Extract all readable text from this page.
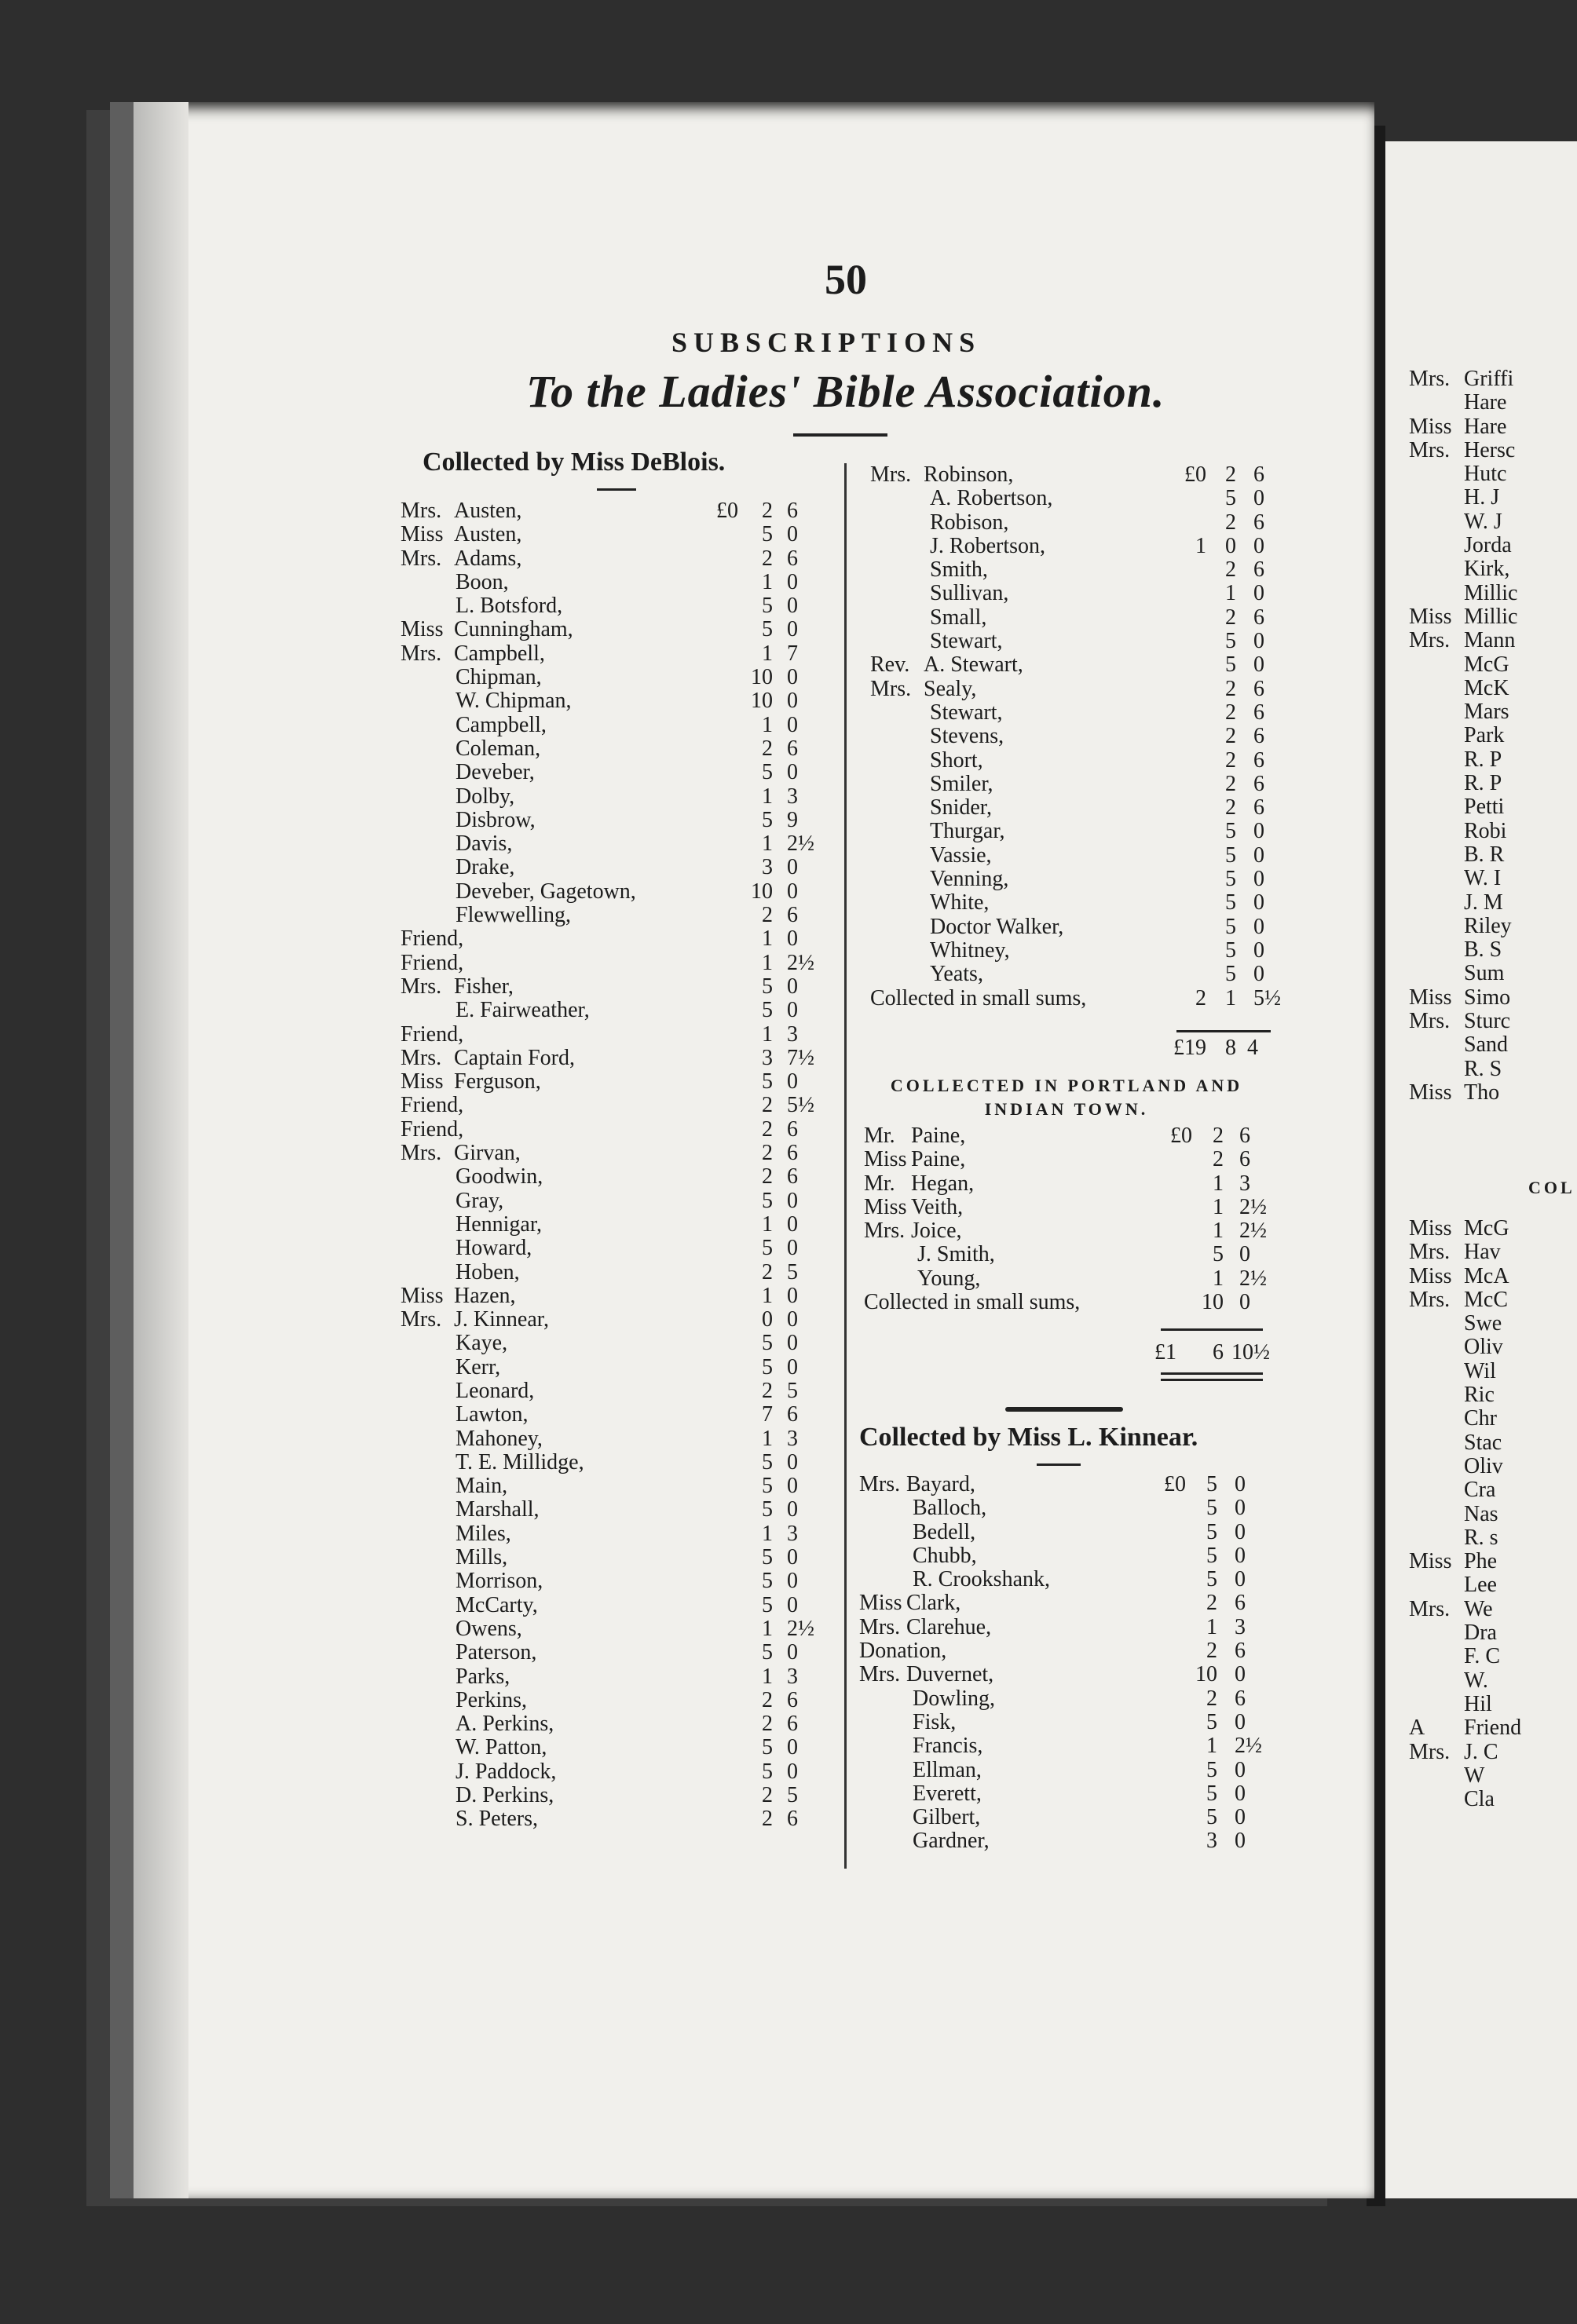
Mrs. Griffi
Hare
Miss Hare
Mrs. Hersc
Hutc
H. J
W. J
Jorda
Kirk,
Millic
Miss Millic
Mrs. Mann
McG
McK
Mars
Park
R. P
R. P
Petti
Robi
B. R
W. I
J. M
Riley
B. S
Sum
Miss Simo
Mrs. Sturc
Sand
R. S
Miss Tho
COL
Miss McG
Mrs. Hav
Miss McA
Mrs. McC
Swe
Oliv
Wil
Ric
Chr
Stac
Oliv
Cra
Nas
R. s
Miss Phe
Lee
Mrs. We
Dra
F. C
W.
Hil
A Friend
Mrs. J. C
W
Cla
50
SUBSCRIPTIONS
To the Ladies' Bible Association.
Collected by Miss DeBlois.
Mrs. Austen,	£0	2 6
Miss Austen,	5 0
Mrs. Adams,	2 6
Boon,	1 0
L. Botsford,	5 0
Miss Cunningham,	5 0
Mrs. Campbell,	1 7
Chipman,	10 0
W. Chipman,	10 0
Campbell,	1 0
Coleman,	2 6
Deveber,	5 0
Dolby,	1 3
Disbrow,	5 9
Davis,	1 2½
Drake,	3 0
Deveber, Gagetown,	10 0
Flewwelling,	2 6
Friend,	1 0
Friend,	1 2½
Mrs. Fisher,	5 0
E. Fairweather,	5 0
Friend,	1 3
Mrs. Captain Ford,	3 7½
Miss Ferguson,	5 0
Friend,	2 5½
Friend,	2 6
Mrs. Girvan,	2 6
Goodwin,	2 6
Gray,	5 0
Hennigar,	1 0
Howard,	5 0
Hoben,	2 5
Miss Hazen,	1 0
Mrs. J. Kinnear,	0 0
Kaye,	5 0
Kerr,	5 0
Leonard,	2 5
Lawton,	7 6
Mahoney,	1 3
T. E. Millidge,	5 0
Main,	5 0
Marshall,	5 0
Miles,	1 3
Mills,	5 0
Morrison,	5 0
McCarty,	5 0
Owens,	1 2½
Paterson,	5 0
Parks,	1 3
Perkins,	2 6
A. Perkins,	2 6
W. Patton,	5 0
J. Paddock,	5 0
D. Perkins,	2 5
S. Peters,	2 6
Mrs. Robinson,	£0 2 6
A. Robertson,	5 0
Robison,	2 6
J. Robertson,	1 0 0
Smith,	2 6
Sullivan,	1 0
Small,	2 6
Stewart,	5 0
Rev. A. Stewart,	5 0
Mrs. Sealy,	2 6
Stewart,	2 6
Stevens,	2 6
Short,	2 6
Smiler,	2 6
Snider,	2 6
Thurgar,	5 0
Vassie,	5 0
Venning,	5 0
White,	5 0
Doctor Walker,	5 0
Whitney,	5 0
Yeats,	5 0
Collected in small sums,	2 1 5½
£19 8 4
COLLECTED IN PORTLAND AND INDIAN TOWN.
Mr. Paine,	£0 2 6
Miss Paine,	2 6
Mr. Hegan,	1 3
Miss Veith,	1 2½
Mrs. Joice,	1 2½
J. Smith,	5 0
Young,	1 2½
Collected in small sums,	10 0
£1	6 10½
Collected by Miss L. Kinnear.
Mrs. Bayard,	£0 5 0
Balloch,	5 0
Bedell,	5 0
Chubb,	5 0
R. Crookshank,	5 0
Miss Clark,	2 6
Mrs. Clarehue,	1 3
Donation,	2 6
Mrs. Duvernet,	10 0
Dowling,	2 6
Fisk,	5 0
Francis,	1 2½
Ellman,	5 0
Everett,	5 0
Gilbert,	5 0
Gardner,	3 0
